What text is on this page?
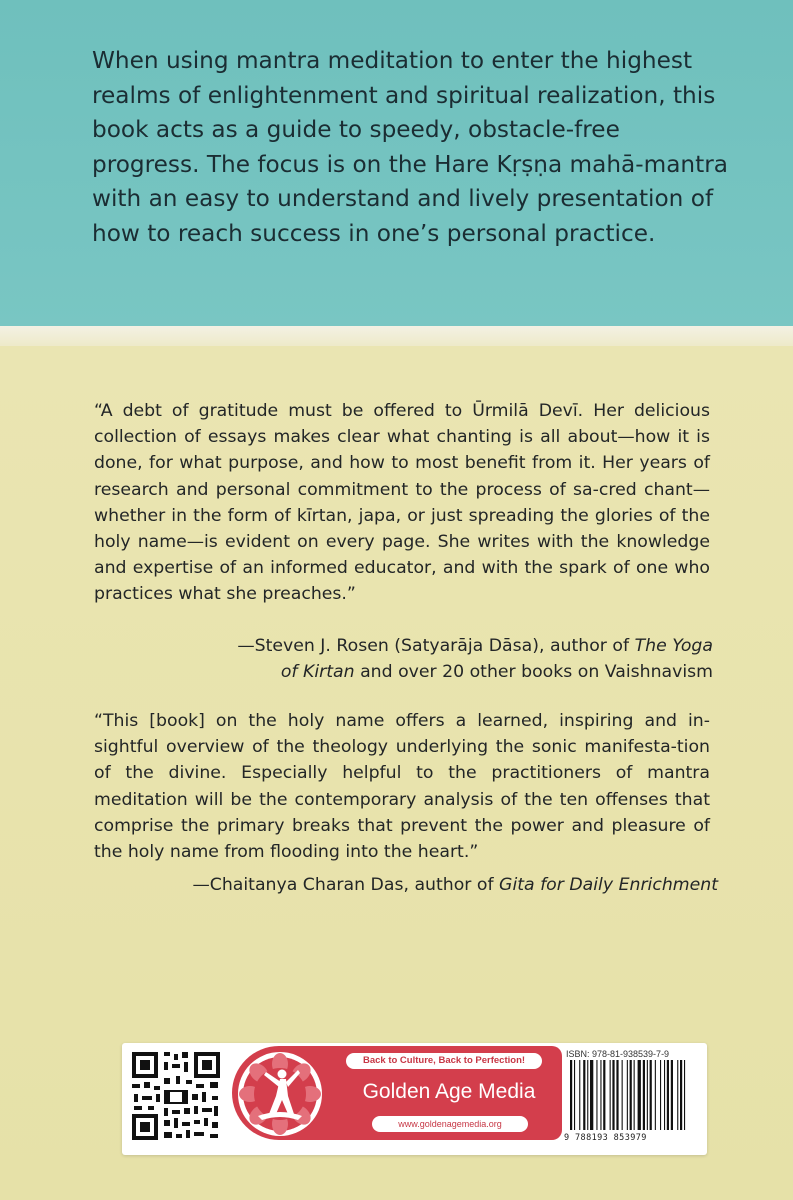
When using mantra meditation to enter the highest realms of enlightenment and spiritual realization, this book acts as a guide to speedy, obstacle-free progress. The focus is on the Hare Kṛṣṇa mahā-mantra with an easy to understand and lively presentation of how to reach success in one’s personal practice.

“A debt of gratitude must be offered to Ūrmilā Devī. Her delicious collection of essays makes clear what chanting is all about—how it is done, for what purpose, and how to most benefit from it. Her years of research and personal commitment to the process of sa-cred chant—whether in the form of kīrtan, japa, or just spreading the glories of the holy name—is evident on every page. She writes with the knowledge and expertise of an informed educator, and with the spark of one who practices what she preaches.”

—Steven J. Rosen (Satyarāja Dāsa), author of The Yoga of Kirtan and over 20 other books on Vaishnavism

“This [book] on the holy name offers a learned, inspiring and in-sightful overview of the theology underlying the sonic manifesta-tion of the divine. Especially helpful to the practitioners of mantra meditation will be the contemporary analysis of the ten offenses that comprise the primary breaks that prevent the power and pleasure of the holy name from flooding into the heart.”

—Chaitanya Charan Das, author of Gita for Daily Enrichment

Back to Culture, Back to Perfection!

Golden Age Media

www.goldenagemedia.org

ISBN: 978-81-938539-7-9

9 788193 853979
